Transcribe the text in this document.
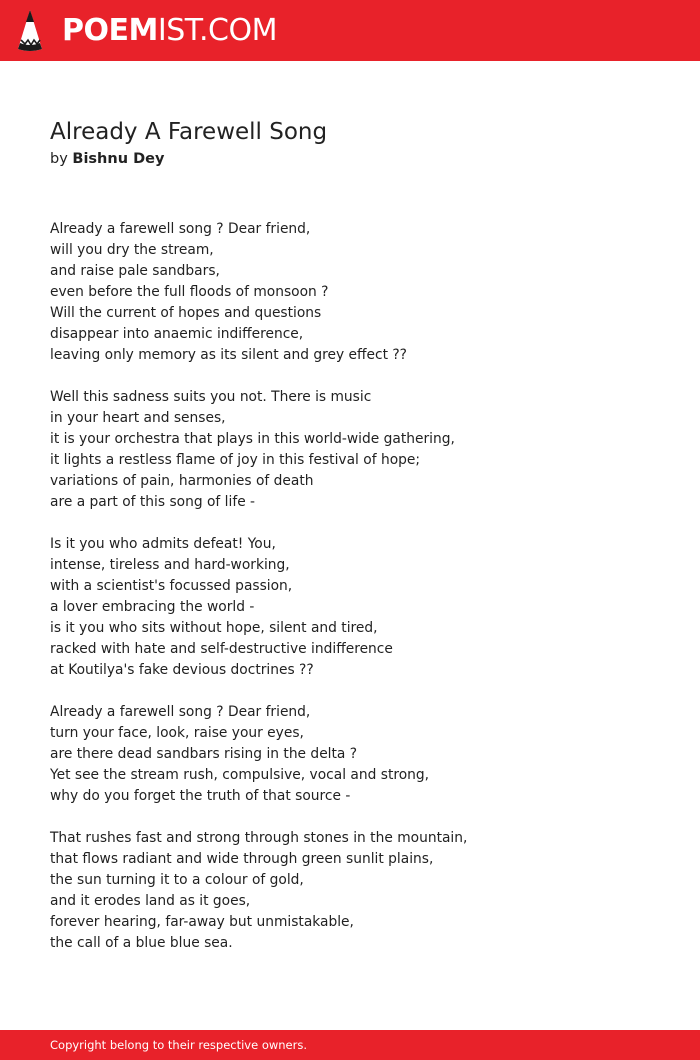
POEMIST.COM
Already A Farewell Song
by Bishnu Dey
Already a farewell song ? Dear friend,
will you dry the stream,
and raise pale sandbars,
even before the full floods of monsoon ?
Will the current of hopes and questions
disappear into anaemic indifference,
leaving only memory as its silent and grey effect ??
Well this sadness suits you not. There is music
in your heart and senses,
it is your orchestra that plays in this world-wide gathering,
it lights a restless flame of joy in this festival of hope;
variations of pain, harmonies of death
are a part of this song of life -
Is it you who admits defeat! You,
intense, tireless and hard-working,
with a scientist's focussed passion,
a lover embracing the world -
is it you who sits without hope, silent and tired,
racked with hate and self-destructive indifference
at Koutilya's fake devious doctrines ??
Already a farewell song ? Dear friend,
turn your face, look, raise your eyes,
are there dead sandbars rising in the delta ?
Yet see the stream rush, compulsive, vocal and strong,
why do you forget the truth of that source -
That rushes fast and strong through stones in the mountain,
that flows radiant and wide through green sunlit plains,
the sun turning it to a colour of gold,
and it erodes land as it goes,
forever hearing, far-away but unmistakable,
the call of a blue blue sea.
Copyright belong to their respective owners.
